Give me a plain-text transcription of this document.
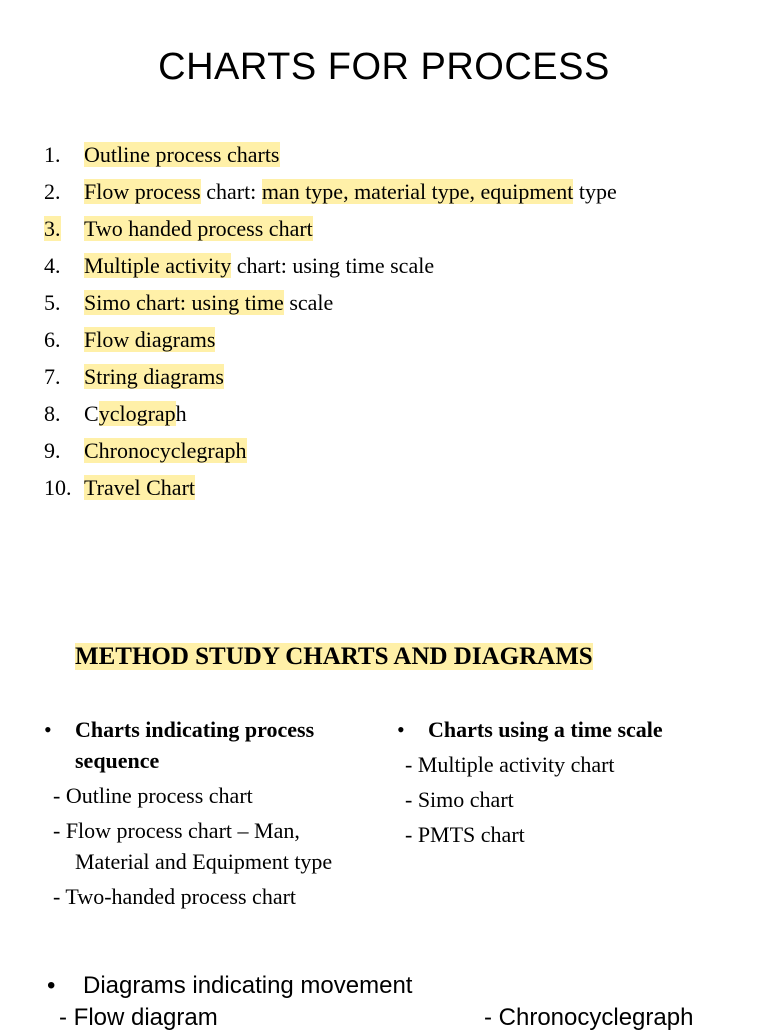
CHARTS FOR PROCESS
1.	Outline process charts
2.	Flow process chart: man type, material type, equipment type
3.	Two handed process chart
4.	Multiple activity chart: using time scale
5.	Simo chart: using time scale
6.	Flow diagrams
7.	String diagrams
8.	Cyclograph
9.	Chronocyclegraph
10. Travel Chart
METHOD STUDY CHARTS AND DIAGRAMS
•	Charts indicating process sequence
- Outline process chart
- Flow process chart – Man, Material and Equipment type
- Two-handed process chart
•	Charts using a time scale
- Multiple activity chart
- Simo chart
- PMTS chart
•	Diagrams indicating movement
- Flow diagram	- Chronocyclegraph
